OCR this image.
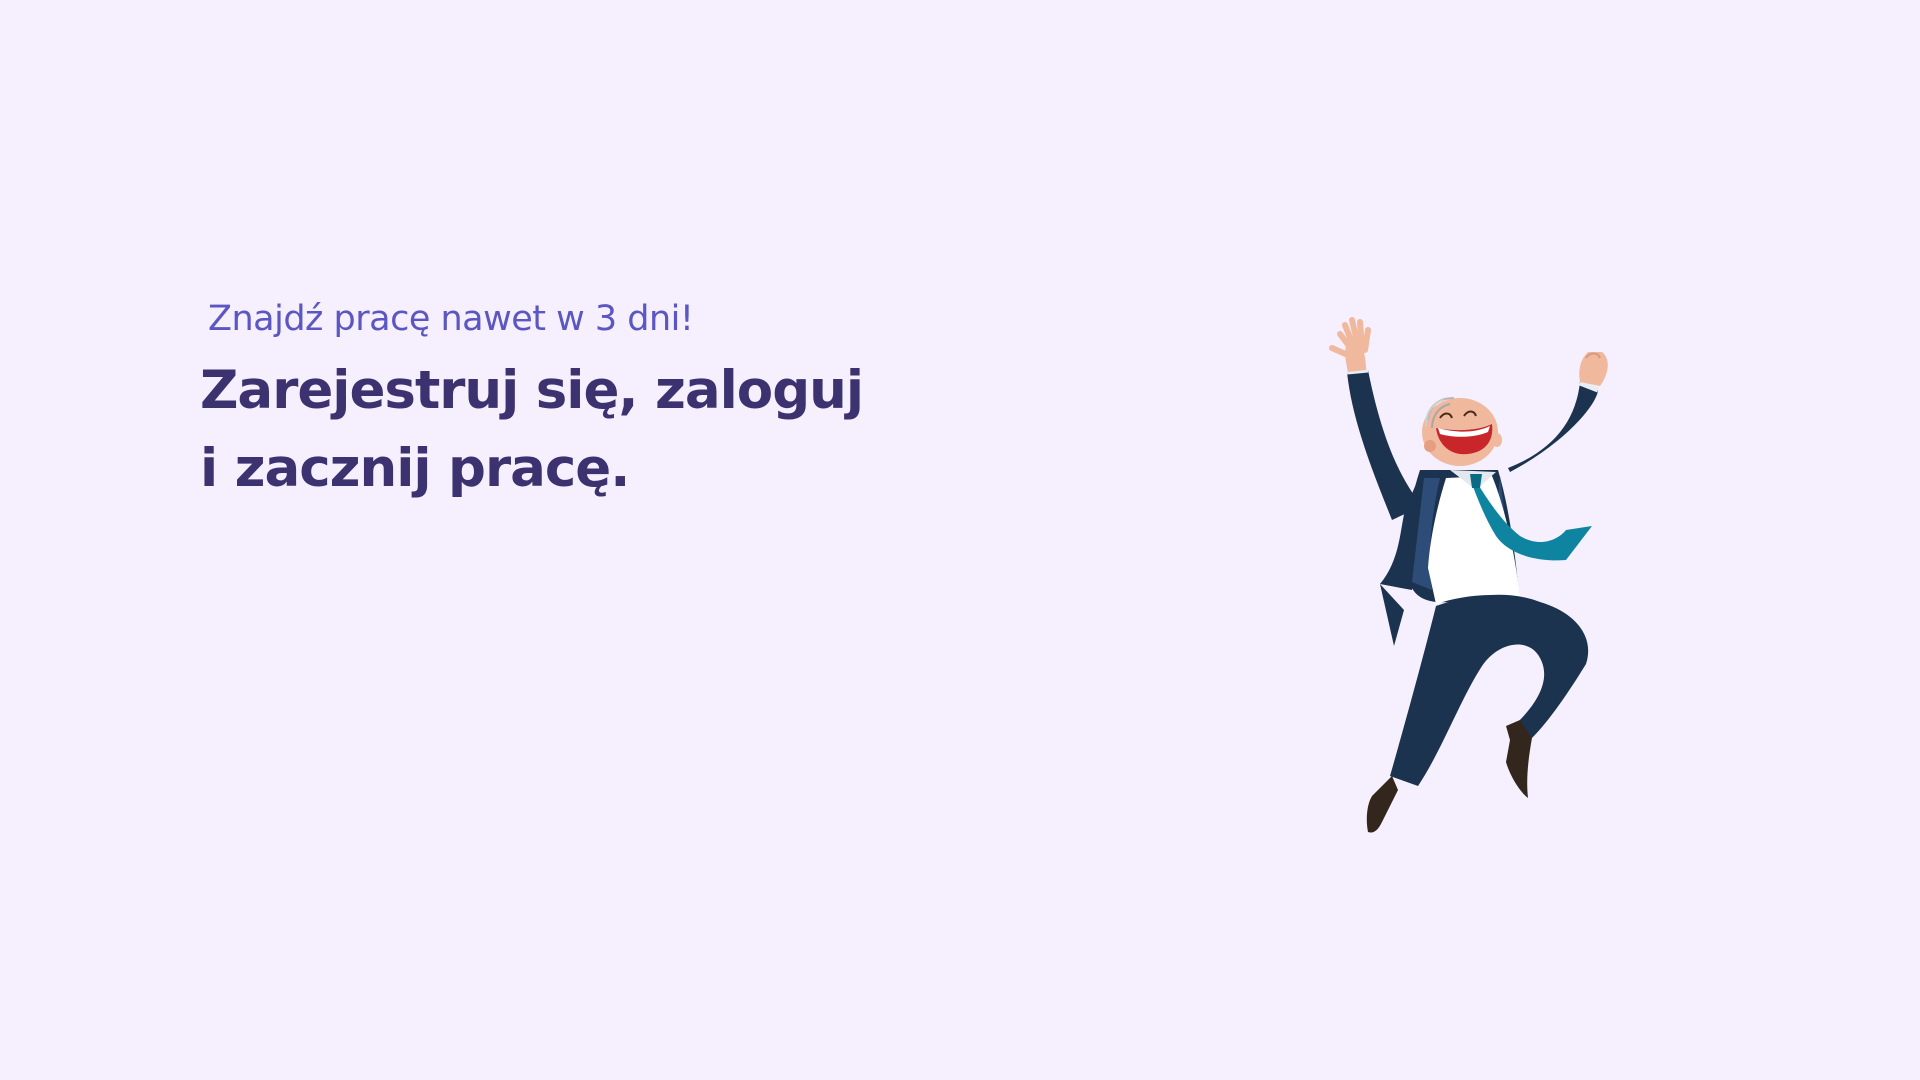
Znajdź pracę nawet w 3 dni!

Zarejestruj się, zaloguj
i zacznij pracę.
